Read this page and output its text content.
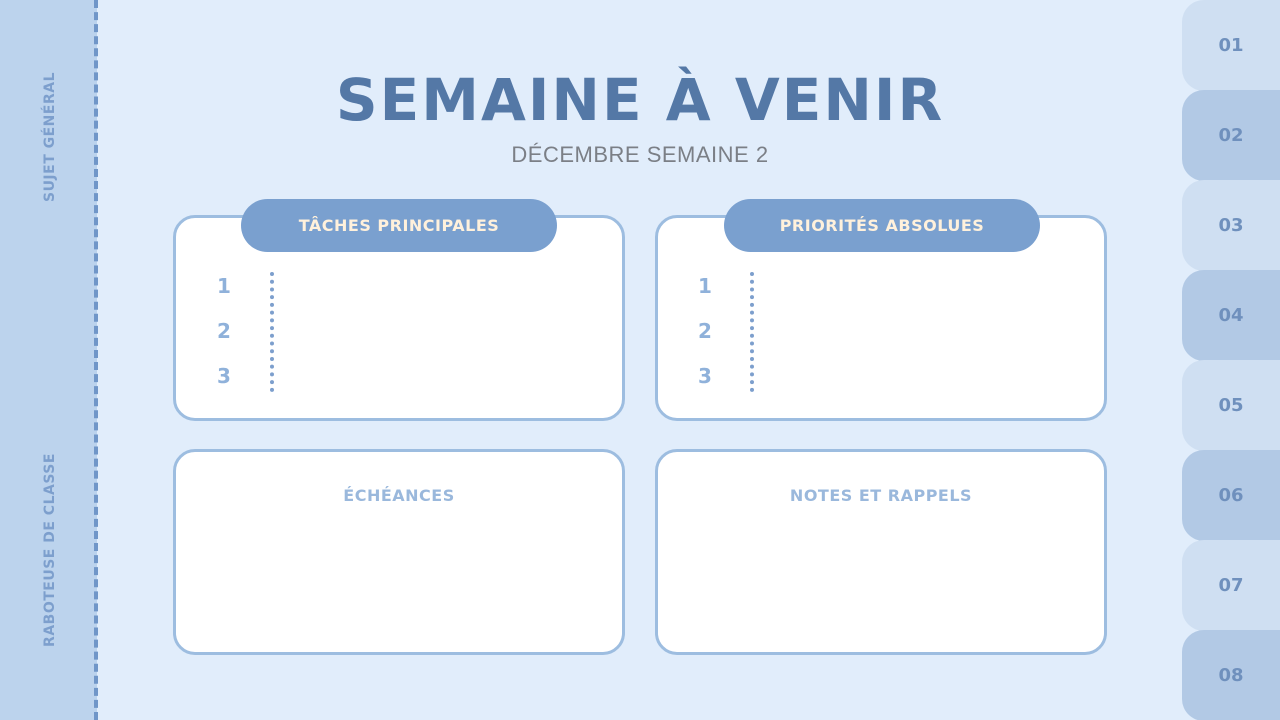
SUJET GÉNÉRAL
RABOTEUSE DE CLASSE
SEMAINE À VENIR
DÉCEMBRE SEMAINE 2
1
2
3
TÂCHES PRINCIPALES
1
2
3
PRIORITÉS ABSOLUES
ÉCHÉANCES	NOTES ET RAPPELS
01
02
03
04
05
06
07
08
